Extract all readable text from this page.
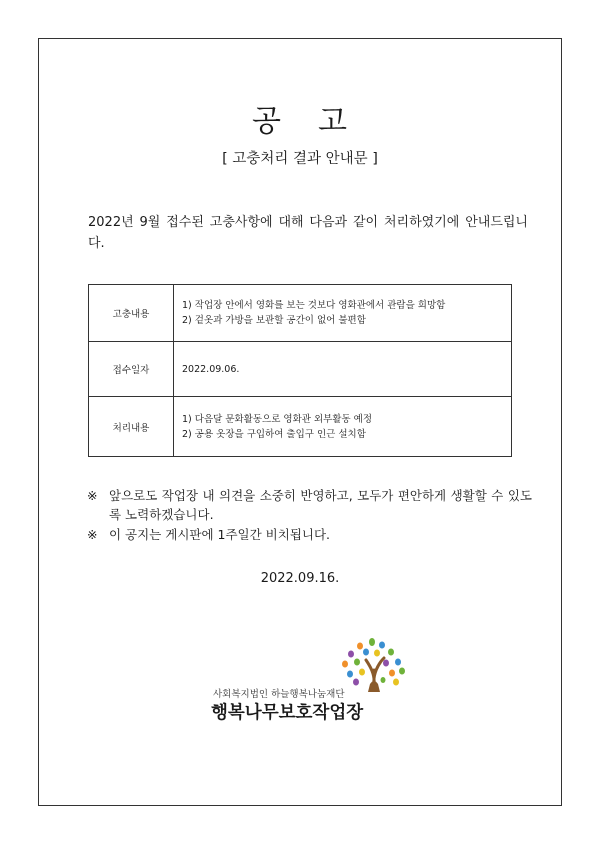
공 고
[ 고충처리 결과 안내문 ]
2022년 9월 접수된 고충사항에 대해 다음과 같이 처리하였기에 안내드립니다.
고충내용	1) 작업장 안에서 영화를 보는 것보다 영화관에서 관람을 희망함
2) 겉옷과 가방을 보관할 공간이 없어 불편함

접수일자	2022.09.06.

처리내용	1) 다음달 문화활동으로 영화관 외부활동 예정
2) 공용 옷장을 구입하여 출입구 인근 설치함
※ 앞으로도 작업장 내 의견을 소중히 반영하고, 모두가 편안하게 생활할 수 있도록 노력하겠습니다.
※ 이 공지는 게시판에 1주일간 비치됩니다.
2022.09.16.
사회복지법인 하늘행복나눔재단
행복나무보호작업장
